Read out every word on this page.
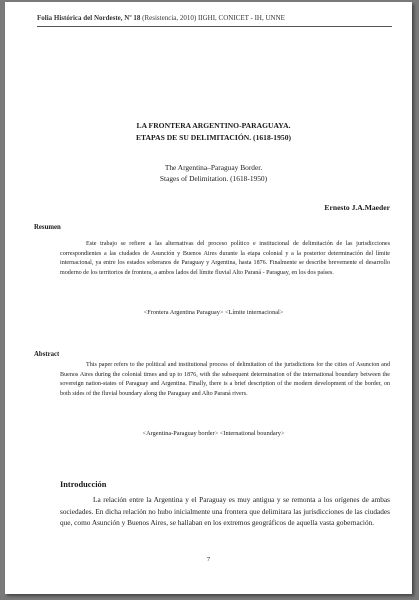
Folia Histórica del Nordeste, Nº 18 (Resistencia, 2010) IIGHI, CONICET - IH, UNNE
LA FRONTERA ARGENTINO-PARAGUAYA.
ETAPAS DE SU DELIMITACIÓN. (1618-1950)
The Argentina–Paraguay Border.
Stages of Delimitation. (1618-1950)
Ernesto J.A.Maeder
Resumen
Este trabajo se refiere a las alternativas del proceso político e institucional de delimitación de las jurisdicciones correspondientes a las ciudades de Asunción y Buenos Aires durante la etapa colonial y a la posterior determinación del límite internacional, ya entre los estados soberanos de Paraguay y Argentina, hasta 1876. Finalmente se describe brevemente el desarrollo moderno de los territorios de frontera, a ambos lados del límite fluvial Alto Paraná - Paraguay, en los dos países.
<Frontera Argentina Paraguay> <Límite internacional>
Abstract
This paper refers to the political and institutional process of delimitation of the jurisdictions for the cities of Asuncion and Buenos Aires during the colonial times and up to 1876, with the subsequent determination of the international boundary between the sovereign nation-states of Paraguay and Argentina. Finally, there is a brief description of the modern development of the border, on both sides of the fluvial boundary along the Paraguay and Alto Paraná rivers.
<Argentina-Paraguay border> <International boundary>
Introducción
La relación entre la Argentina y el Paraguay es muy antigua y se remonta a los orígenes de ambas sociedades. En dicha relación no hubo inicialmente una frontera que delimitara las jurisdicciones de las ciudades que, como Asunción y Buenos Aires, se hallaban en los extremos geográficos de aquella vasta gobernación.
7
